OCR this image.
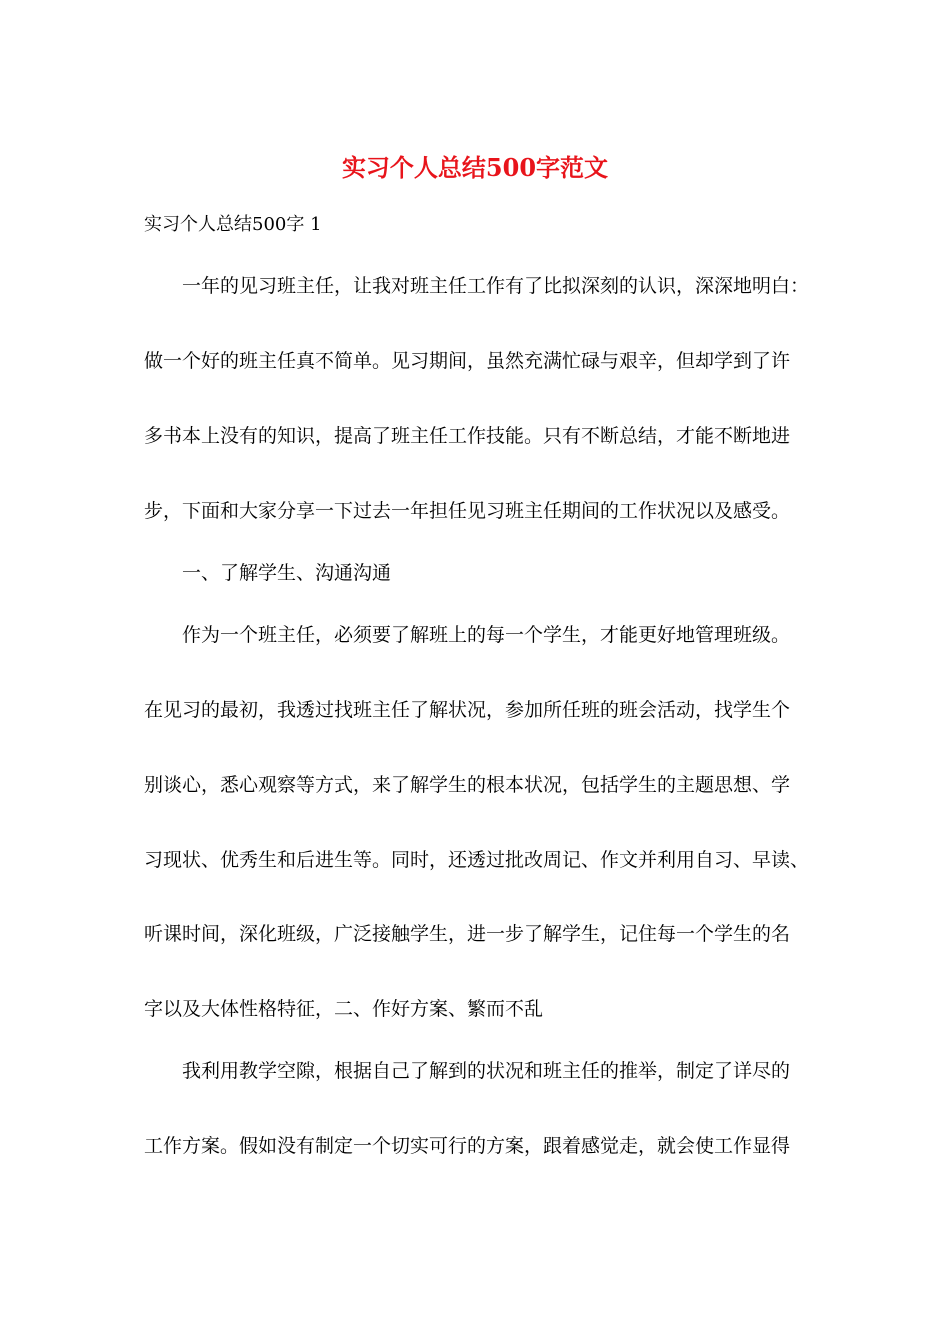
实习个人总结500字范文

实习个人总结500字 1

一年的见习班主任，让我对班主任工作有了比拟深刻的认识，深深地明白：

做一个好的班主任真不简单。见习期间，虽然充满忙碌与艰辛，但却学到了许

多书本上没有的知识，提高了班主任工作技能。只有不断总结，才能不断地进

步，下面和大家分享一下过去一年担任见习班主任期间的工作状况以及感受。

一、了解学生、沟通沟通

作为一个班主任，必须要了解班上的每一个学生，才能更好地管理班级。

在见习的最初，我透过找班主任了解状况，参加所任班的班会活动，找学生个

别谈心，悉心观察等方式，来了解学生的根本状况，包括学生的主题思想、学

习现状、优秀生和后进生等。同时，还透过批改周记、作文并利用自习、早读、

听课时间，深化班级，广泛接触学生，进一步了解学生，记住每一个学生的名

字以及大体性格特征，二、作好方案、繁而不乱

我利用教学空隙，根据自己了解到的状况和班主任的推举，制定了详尽的

工作方案。假如没有制定一个切实可行的方案，跟着感觉走，就会使工作显得
